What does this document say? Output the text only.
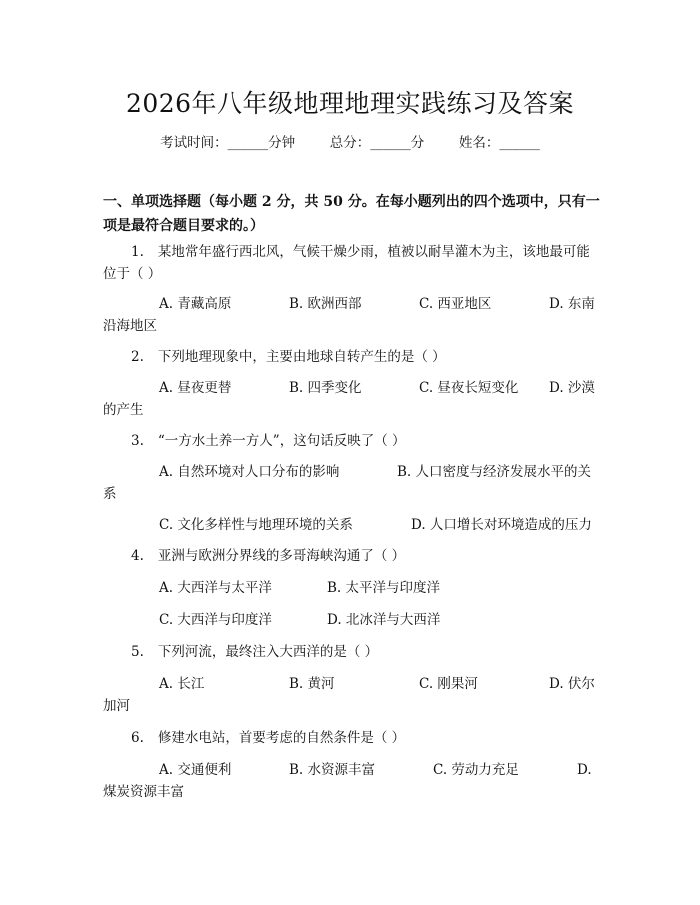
2026年八年级地理地理实践练习及答案
考试时间：______分钟	总分：______分	姓名：______
一、单项选择题（每小题 2 分，共 50 分。在每小题列出的四个选项中，只有一项是最符合题目要求的。）
1. 某地常年盛行西北风，气候干燥少雨，植被以耐旱灌木为主，该地最可能位于（ ）
A. 青藏高原	B. 欧洲西部	C. 西亚地区	D. 东南
沿海地区
2. 下列地理现象中，主要由地球自转产生的是（ ）
A. 昼夜更替	B. 四季变化	C. 昼夜长短变化 D. 沙漠
的产生
3. “一方水土养一方人”，这句话反映了（ ）
A. 自然环境对人口分布的影响	B. 人口密度与经济发展水平的关
系
C. 文化多样性与地理环境的关系	D. 人口增长对环境造成的压力
4. 亚洲与欧洲分界线的多哥海峡沟通了（ ）
A. 大西洋与太平洋	B. 太平洋与印度洋
C. 大西洋与印度洋	D. 北冰洋与大西洋
5. 下列河流，最终注入大西洋的是（ ）
A. 长江	B. 黄河	C. 刚果河	D. 伏尔
加河
6. 修建水电站，首要考虑的自然条件是（ ）
A. 交通便利	B. 水资源丰富	C. 劳动力充足	D.
煤炭资源丰富
